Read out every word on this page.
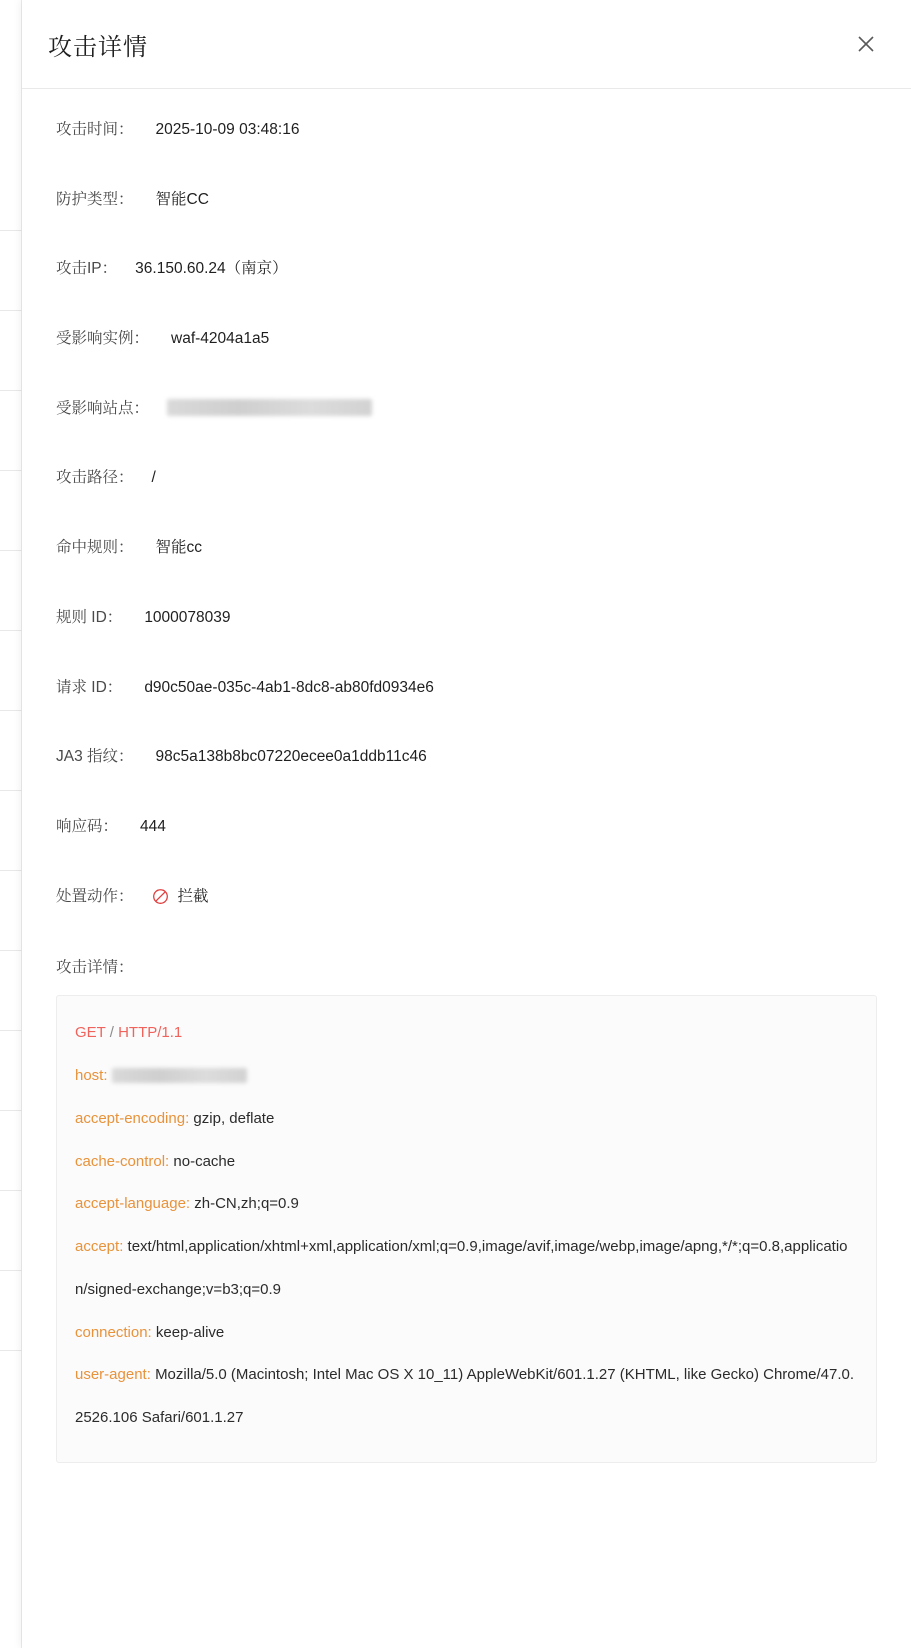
攻击详情
攻击时间： 2025-10-09 03:48:16
防护类型： 智能CC
攻击IP： 36.150.60.24 （南京）
受影响实例： waf-4204a1a5
受影响站点：
攻击路径： /
命中规则： 智能cc
规则 ID： 1000078039
请求 ID： d90c50ae-035c-4ab1-8dc8-ab80fd0934e6
JA3 指纹： 98c5a138b8bc07220ecee0a1ddb11c46
响应码： 444
处置动作：	拦截
攻击详情：
GET / HTTP/1.1
host:
accept-encoding: gzip, deflate
cache-control: no-cache
accept-language: zh-CN,zh;q=0.9
accept: text/html,application/xhtml+xml,application/xml;q=0.9,image/avif,image/webp,image/apng,*/*;q=0.8,application/signed-exchange;v=b3;q=0.9
connection: keep-alive
user-agent: Mozilla/5.0 (Macintosh; Intel Mac OS X 10_11) AppleWebKit/601.1.27 (KHTML, like Gecko) Chrome/47.0.2526.106 Safari/601.1.27
